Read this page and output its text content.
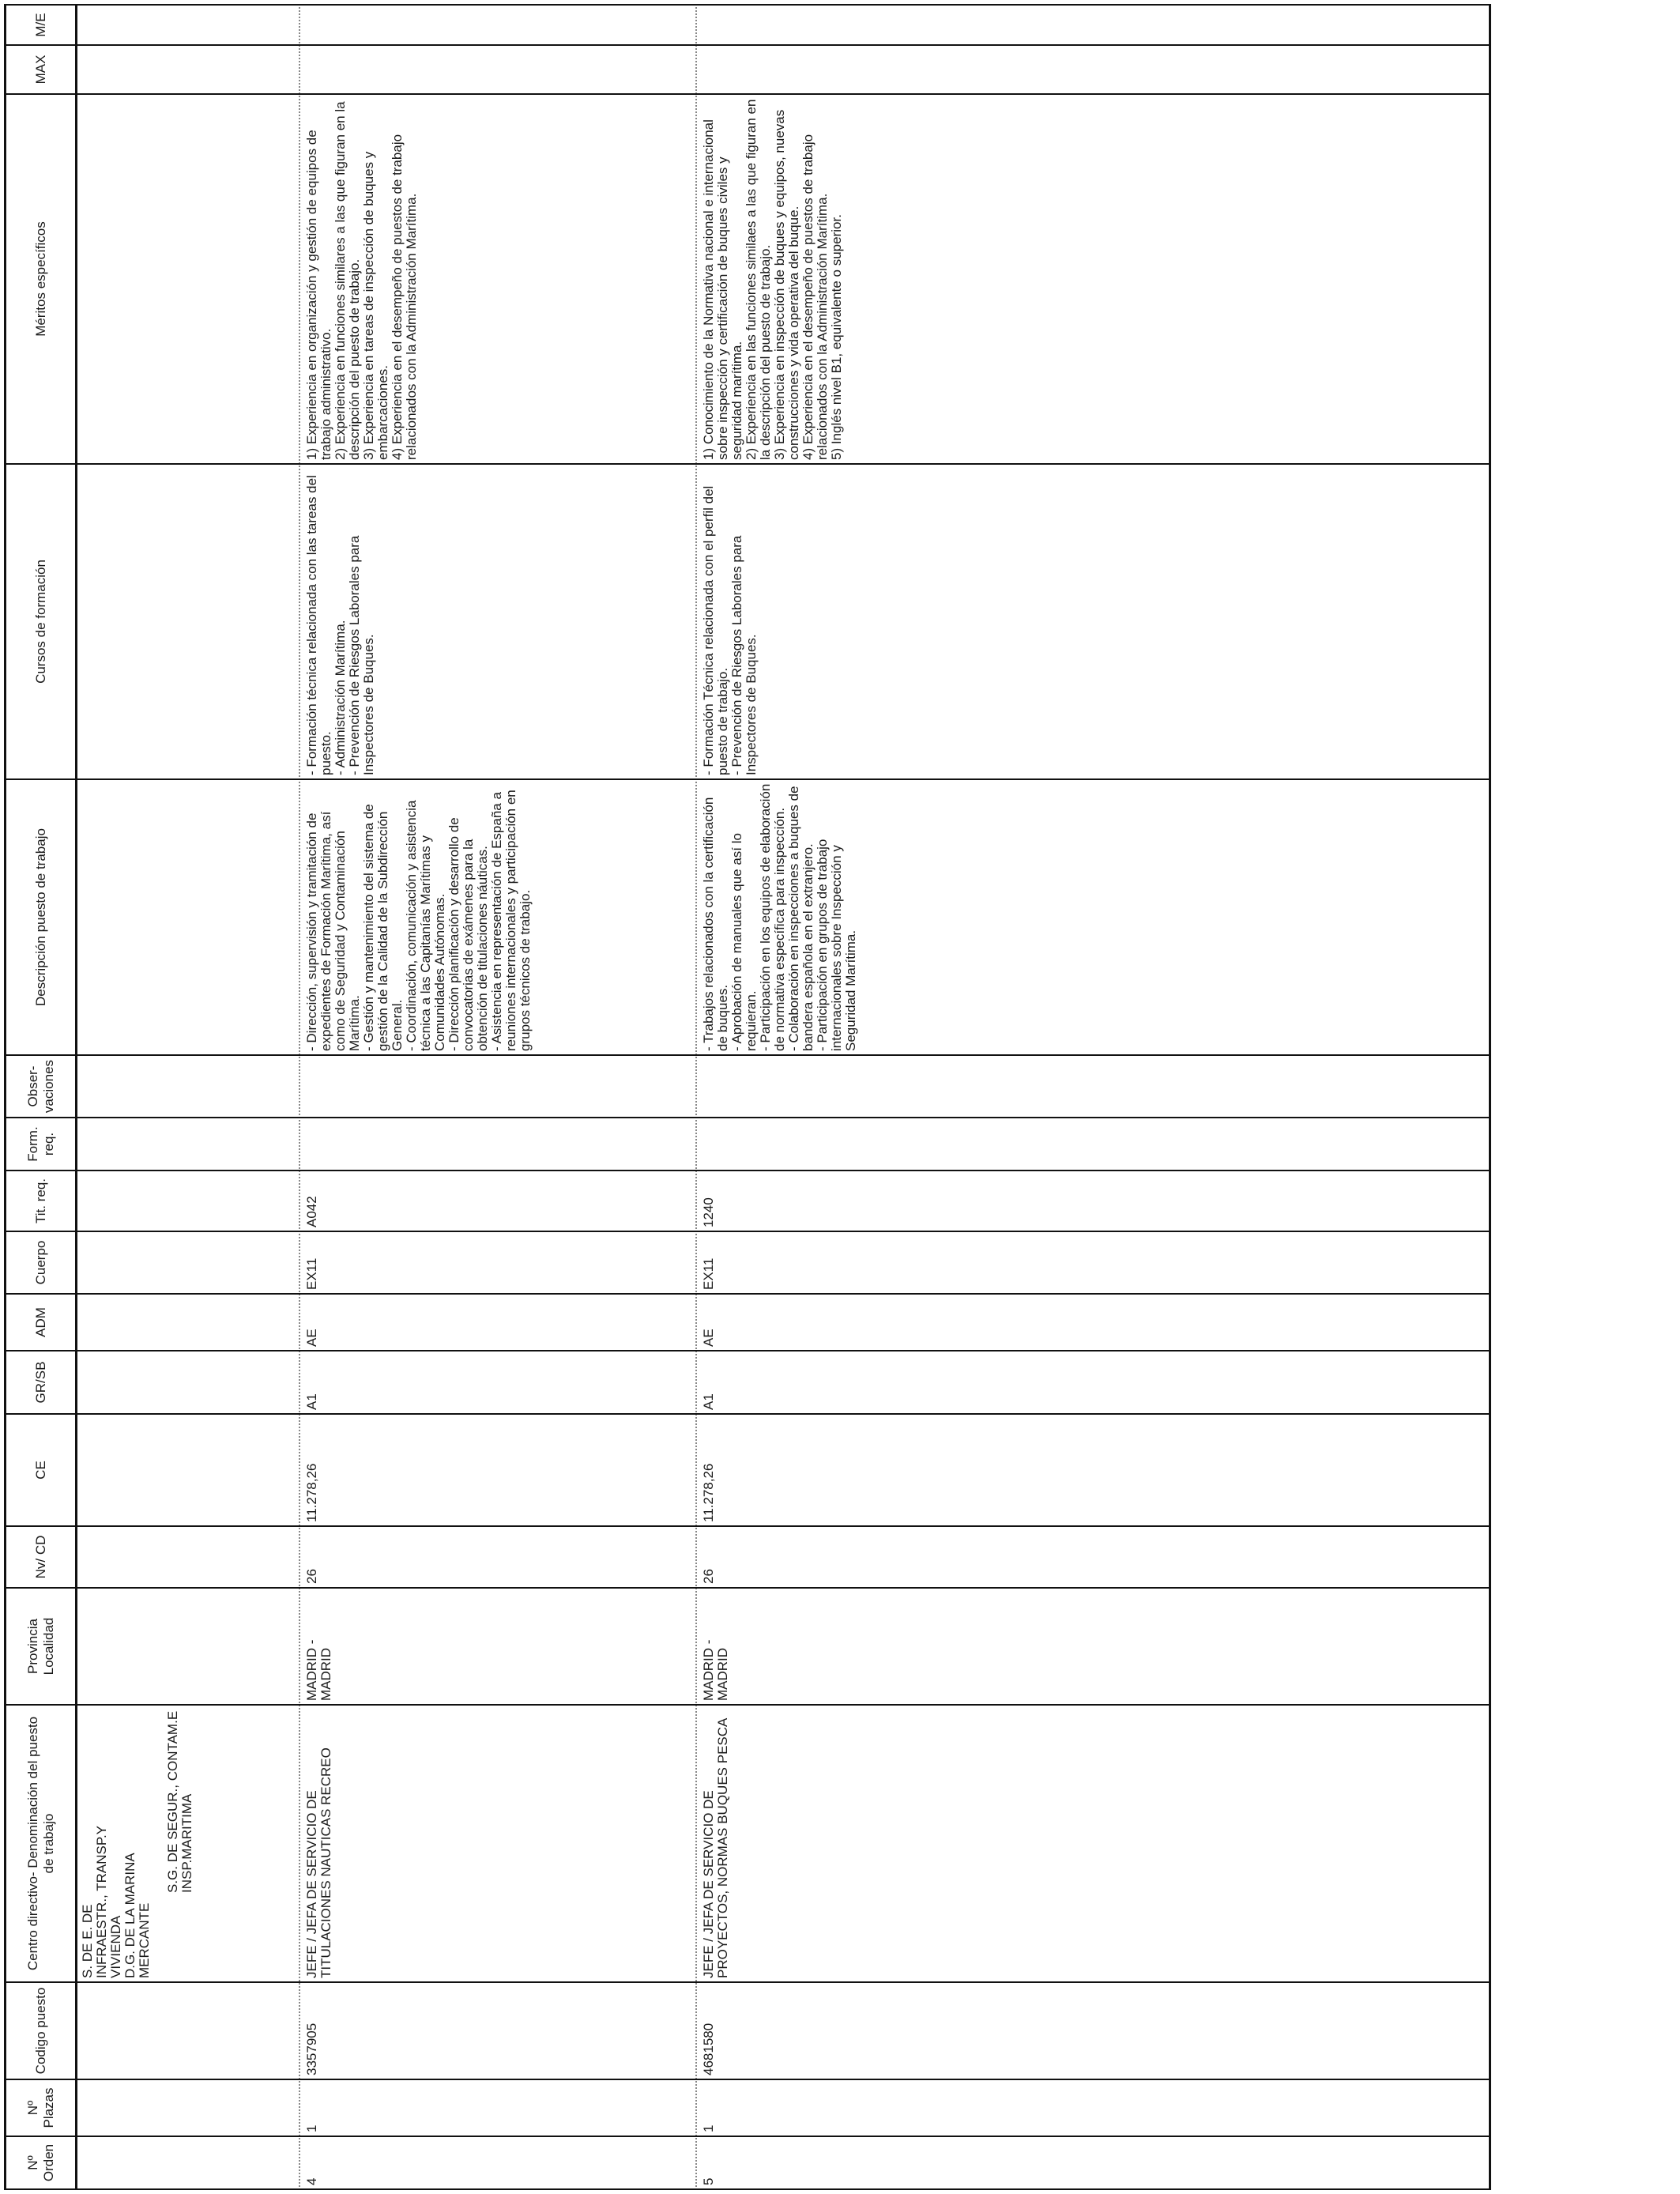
Nº Orden
Nº Plazas
Codigo puesto
Centro directivo- Denominación del puesto de trabajo
Provincia Localidad
Nv/ CD
CE
GR/SB
ADM
Cuerpo
Tit. req.
Form. req.
Obser- vaciones
Descripción puesto de trabajo
Cursos de formación
Méritos específicos
MAX
M/E
S. DE E. DE INFRAESTR., TRANSP.Y VIVIENDA D.G. DE LA MARINA MERCANTE
S.G. DE SEGUR., CONTAM.E INSP.MARITIMA
4
1
3357905
JEFE / JEFA DE SERVICIO DE TITULACIONES NAUTICAS RECREO
MADRID - MADRID
26
11.278,26
A1
AE
EX11
A042
- Dirección, supervisión y tramitación de expedientes de Formación Marítima, así como de Seguridad y Contaminación Marítima.
- Gestión y mantenimiento del sistema de gestión de la Calidad de la Subdirección General.
- Coordinación, comunicación y asistencia técnica a las Capitanías Marítimas y Comunidades Autónomas.
- Dirección planificación y desarrollo de convocatorias de exámenes para la obtención de titulaciones náuticas.
- Asistencia en representación de España a reuniones internacionales y participación en grupos técnicos de trabajo.
- Formación técnica relacionada con las tareas del puesto.
- Administración Marítima.
- Prevención de Riesgos Laborales para Inspectores de Buques.
1) Experiencia en organización y gestión de equipos de trabajo administrativo.
2) Experiencia en funciones similares a las que figuran en la descripción del puesto de trabajo.
3) Experiencia en tareas de inspección de buques y embarcaciones.
4) Experiencia en el desempeño de puestos de trabajo relacionados con la Administración Marítima.
5
1
4681580
JEFE / JEFA DE SERVICIO DE PROYECTOS, NORMAS BUQUES PESCA
MADRID - MADRID
26
11.278,26
A1
AE
EX11
1240
- Trabajos relacionados con la certificación de buques.
- Aprobación de manuales que así lo requieran.
- Participación en los equipos de elaboración de normativa específica para inspección.
- Colaboración en inspecciones a buques de bandera española en el extranjero.
- Participación en grupos de trabajo internacionales sobre Inspección y Seguridad Marítima.
- Formación Técnica relacionada con el perfil del puesto de trabajo.
- Prevención de Riesgos Laborales para Inspectores de Buques.
1) Conocimiento de la Normativa nacional e internacional sobre inspección y certificación de buques civiles y seguridad marítima.
2) Experiencia en las funciones similaes a las que figuran en la descripción del puesto de trabajo.
3) Experiencia en inspección de buques y equipos, nuevas construcciones y vida operativa del buque.
4) Experiencia en el desempeño de puestos de trabajo relacionados con la Administración Marítima.
5) Inglés nivel B1, equivalente o superior.
